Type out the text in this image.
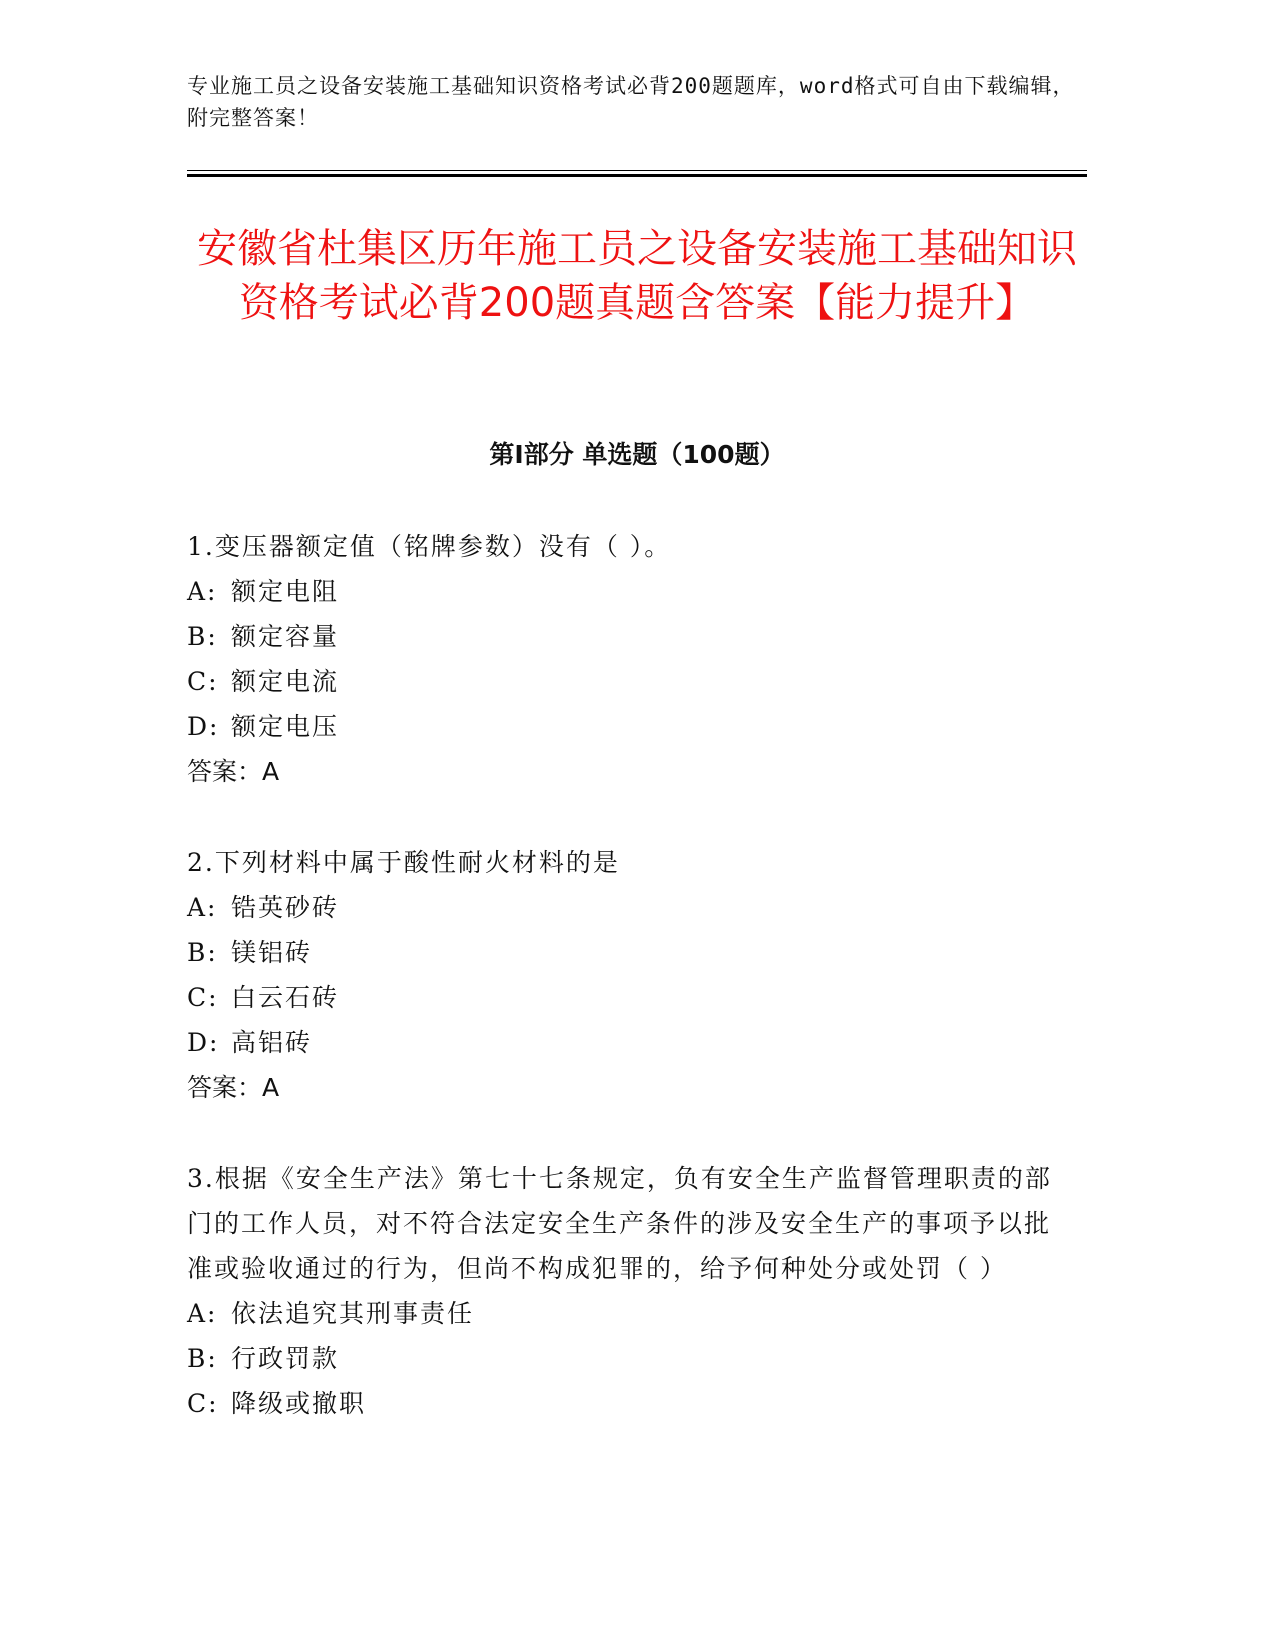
专业施工员之设备安装施工基础知识资格考试必背200题题库，word格式可自由下载编辑，附完整答案！
安徽省杜集区历年施工员之设备安装施工基础知识资格考试必背200题真题含答案【能力提升】
第I部分 单选题（100题）
1.变压器额定值（铭牌参数）没有（ ）。
A: 额定电阻
B: 额定容量
C: 额定电流
D: 额定电压
答案：A
2.下列材料中属于酸性耐火材料的是
A: 锆英砂砖
B: 镁铝砖
C: 白云石砖
D: 高铝砖
答案：A
3.根据《安全生产法》第七十七条规定，负有安全生产监督管理职责的部门的工作人员，对不符合法定安全生产条件的涉及安全生产的事项予以批准或验收通过的行为，但尚不构成犯罪的，给予何种处分或处罚（ ）
A: 依法追究其刑事责任
B: 行政罚款
C: 降级或撤职
